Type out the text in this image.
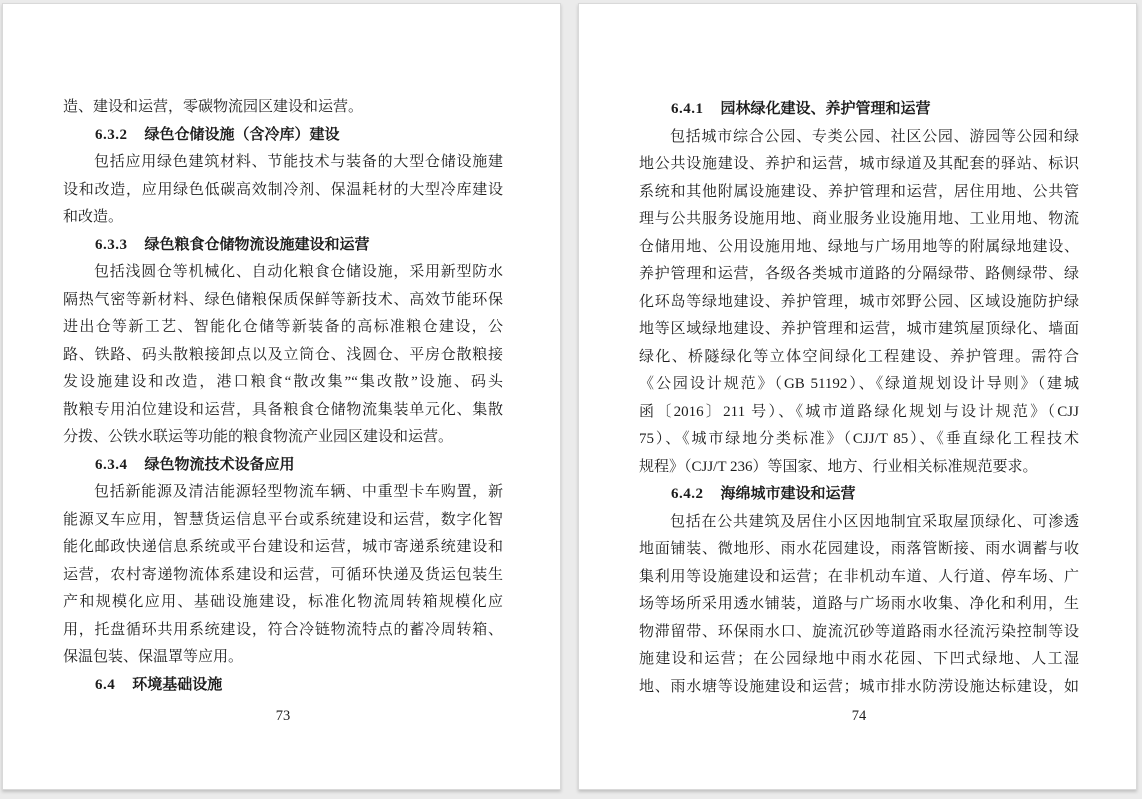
造、建设和运营，零碳物流园区建设和运营。
6.3.2 绿色仓储设施（含冷库）建设
包括应用绿色建筑材料、节能技术与装备的大型仓储设施建
设和改造，应用绿色低碳高效制冷剂、保温耗材的大型冷库建设
和改造。
6.3.3 绿色粮食仓储物流设施建设和运营
包括浅圆仓等机械化、自动化粮食仓储设施，采用新型防水
隔热气密等新材料、绿色储粮保质保鲜等新技术、高效节能环保
进出仓等新工艺、智能化仓储等新装备的高标准粮仓建设，公
路、铁路、码头散粮接卸点以及立筒仓、浅圆仓、平房仓散粮接
发设施建设和改造，港口粮食“散改集”“集改散”设施、码头
散粮专用泊位建设和运营，具备粮食仓储物流集装单元化、集散
分拨、公铁水联运等功能的粮食物流产业园区建设和运营。
6.3.4 绿色物流技术设备应用
包括新能源及清洁能源轻型物流车辆、中重型卡车购置，新
能源叉车应用，智慧货运信息平台或系统建设和运营，数字化智
能化邮政快递信息系统或平台建设和运营，城市寄递系统建设和
运营，农村寄递物流体系建设和运营，可循环快递及货运包装生
产和规模化应用、基础设施建设，标准化物流周转箱规模化应
用，托盘循环共用系统建设，符合冷链物流特点的蓄冷周转箱、
保温包装、保温罩等应用。
6.4 环境基础设施
73
6.4.1 园林绿化建设、养护管理和运营
包括城市综合公园、专类公园、社区公园、游园等公园和绿
地公共设施建设、养护和运营，城市绿道及其配套的驿站、标识
系统和其他附属设施建设、养护管理和运营，居住用地、公共管
理与公共服务设施用地、商业服务业设施用地、工业用地、物流
仓储用地、公用设施用地、绿地与广场用地等的附属绿地建设、
养护管理和运营，各级各类城市道路的分隔绿带、路侧绿带、绿
化环岛等绿地建设、养护管理，城市郊野公园、区域设施防护绿
地等区域绿地建设、养护管理和运营，城市建筑屋顶绿化、墙面
绿化、桥隧绿化等立体空间绿化工程建设、养护管理。需符合
《公园设计规范》（GB 51192）、《绿道规划设计导则》（建城
函〔2016〕211 号）、《城市道路绿化规划与设计规范》（CJJ
75）、《城市绿地分类标准》（CJJ/T 85）、《垂直绿化工程技术
规程》（CJJ/T 236）等国家、地方、行业相关标准规范要求。
6.4.2 海绵城市建设和运营
包括在公共建筑及居住小区因地制宜采取屋顶绿化、可渗透
地面铺装、微地形、雨水花园建设，雨落管断接、雨水调蓄与收
集利用等设施建设和运营；在非机动车道、人行道、停车场、广
场等场所采用透水铺装，道路与广场雨水收集、净化和利用，生
物滞留带、环保雨水口、旋流沉砂等道路雨水径流污染控制等设
施建设和运营；在公园绿地中雨水花园、下凹式绿地、人工湿
地、雨水塘等设施建设和运营；城市排水防涝设施达标建设，如
74
